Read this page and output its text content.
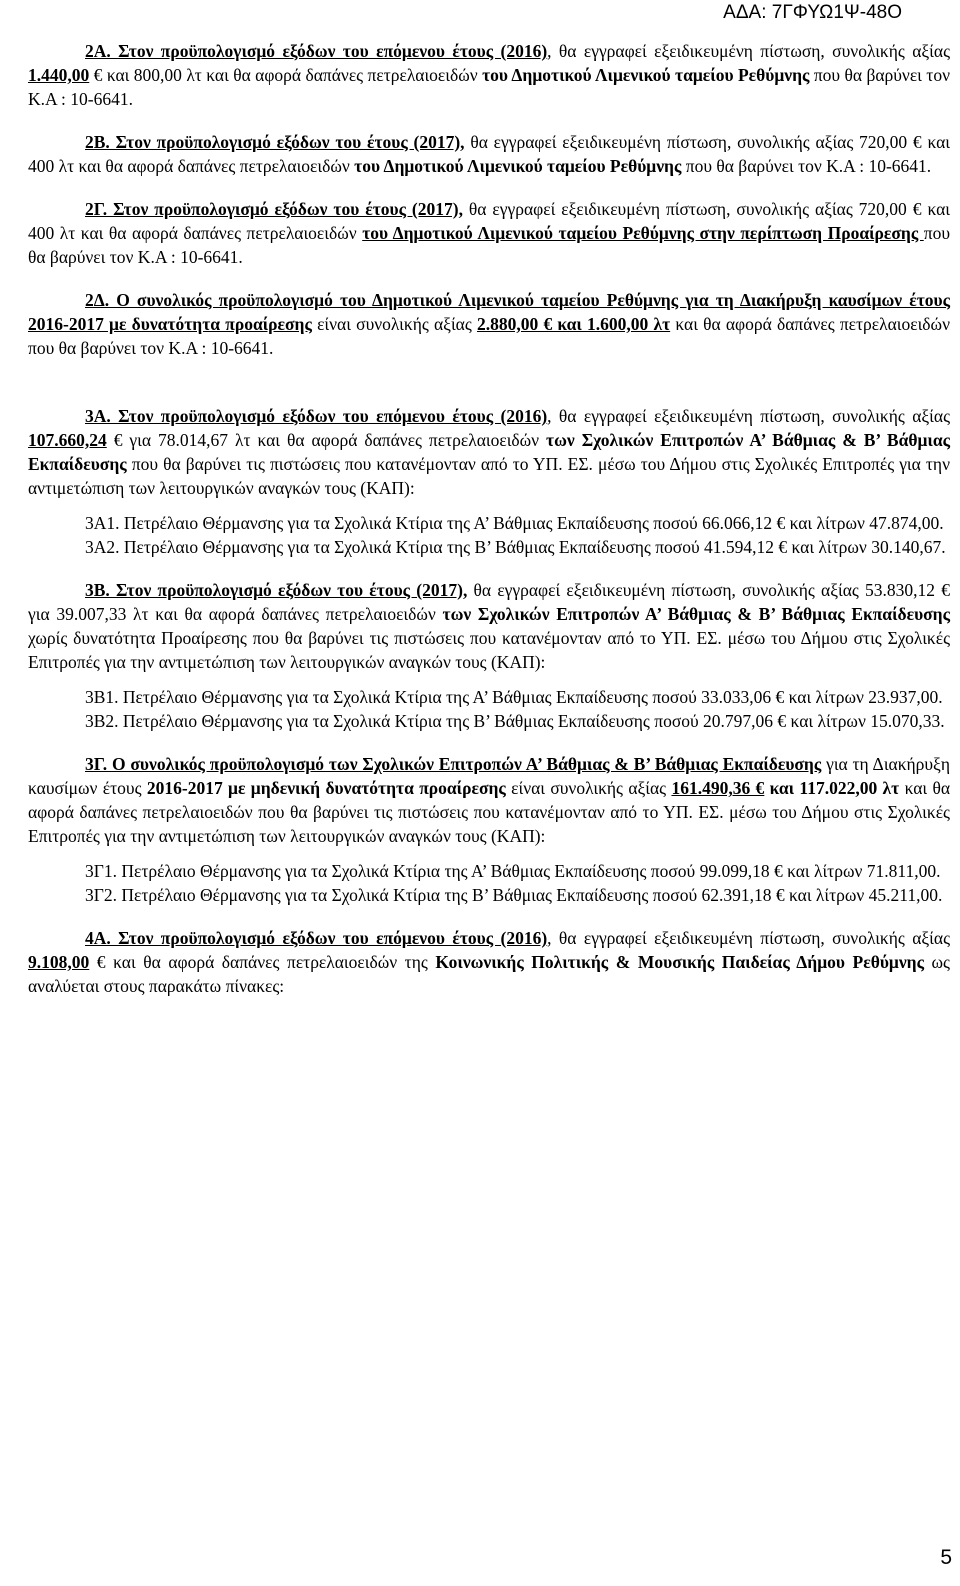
ΑΔΑ: 7ΓΦΥΩ1Ψ-48Ο

2Α. Στον προϋπολογισμό εξόδων του επόμενου έτους (2016), θα εγγραφεί εξειδικευμένη πίστωση, συνολικής αξίας 1.440,00 € και 800,00 λτ και θα αφορά δαπάνες πετρελαιοειδών του Δημοτικού Λιμενικού ταμείου Ρεθύμνης που θα βαρύνει τον Κ.Α : 10-6641.

2Β. Στον προϋπολογισμό εξόδων του έτους (2017), θα εγγραφεί εξειδικευμένη πίστωση, συνολικής αξίας 720,00 € και 400 λτ και θα αφορά δαπάνες πετρελαιοειδών του Δημοτικού Λιμενικού ταμείου Ρεθύμνης που θα βαρύνει τον Κ.Α : 10-6641.

2Γ. Στον προϋπολογισμό εξόδων του έτους (2017), θα εγγραφεί εξειδικευμένη πίστωση, συνολικής αξίας 720,00 € και 400 λτ και θα αφορά δαπάνες πετρελαιοειδών του Δημοτικού Λιμενικού ταμείου Ρεθύμνης στην περίπτωση Προαίρεσης που θα βαρύνει τον Κ.Α : 10-6641.

2Δ. Ο συνολικός προϋπολογισμό του Δημοτικού Λιμενικού ταμείου Ρεθύμνης για τη Διακήρυξη καυσίμων έτους 2016-2017 με δυνατότητα προαίρεσης είναι συνολικής αξίας 2.880,00 € και 1.600,00 λτ και θα αφορά δαπάνες πετρελαιοειδών που θα βαρύνει τον Κ.Α : 10-6641.

3Α. Στον προϋπολογισμό εξόδων του επόμενου έτους (2016), θα εγγραφεί εξειδικευμένη πίστωση, συνολικής αξίας 107.660,24 € για 78.014,67 λτ και θα αφορά δαπάνες πετρελαιοειδών των Σχολικών Επιτροπών Α’ Βάθμιας & Β’ Βάθμιας Εκπαίδευσης που θα βαρύνει τις πιστώσεις που κατανέμονταν από το ΥΠ. ΕΣ. μέσω του Δήμου στις Σχολικές Επιτροπές για την αντιμετώπιση των λειτουργικών αναγκών τους (ΚΑΠ):

3Α1. Πετρέλαιο Θέρμανσης για τα Σχολικά Κτίρια της Α’ Βάθμιας Εκπαίδευσης ποσού 66.066,12 € και λίτρων 47.874,00.

3Α2. Πετρέλαιο Θέρμανσης για τα Σχολικά Κτίρια της Β’ Βάθμιας Εκπαίδευσης ποσού 41.594,12 € και λίτρων 30.140,67.

3Β. Στον προϋπολογισμό εξόδων του έτους (2017), θα εγγραφεί εξειδικευμένη πίστωση, συνολικής αξίας 53.830,12 € για 39.007,33 λτ και θα αφορά δαπάνες πετρελαιοειδών των Σχολικών Επιτροπών Α’ Βάθμιας & Β’ Βάθμιας Εκπαίδευσης χωρίς δυνατότητα Προαίρεσης που θα βαρύνει τις πιστώσεις που κατανέμονταν από το ΥΠ. ΕΣ. μέσω του Δήμου στις Σχολικές Επιτροπές για την αντιμετώπιση των λειτουργικών αναγκών τους (ΚΑΠ):

3Β1. Πετρέλαιο Θέρμανσης για τα Σχολικά Κτίρια της Α’ Βάθμιας Εκπαίδευσης ποσού 33.033,06 € και λίτρων 23.937,00.

3Β2. Πετρέλαιο Θέρμανσης για τα Σχολικά Κτίρια της Β’ Βάθμιας Εκπαίδευσης ποσού 20.797,06 € και λίτρων 15.070,33.

3Γ. Ο συνολικός προϋπολογισμό των Σχολικών Επιτροπών Α’ Βάθμιας & Β’ Βάθμιας Εκπαίδευσης για τη Διακήρυξη καυσίμων έτους 2016-2017 με μηδενική δυνατότητα προαίρεσης είναι συνολικής αξίας 161.490,36 € και 117.022,00 λτ και θα αφορά δαπάνες πετρελαιοειδών που θα βαρύνει τις πιστώσεις που κατανέμονταν από το ΥΠ. ΕΣ. μέσω του Δήμου στις Σχολικές Επιτροπές για την αντιμετώπιση των λειτουργικών αναγκών τους (ΚΑΠ):

3Γ1. Πετρέλαιο Θέρμανσης για τα Σχολικά Κτίρια της Α’ Βάθμιας Εκπαίδευσης ποσού 99.099,18 € και λίτρων 71.811,00.

3Γ2. Πετρέλαιο Θέρμανσης για τα Σχολικά Κτίρια της Β’ Βάθμιας Εκπαίδευσης ποσού 62.391,18 € και λίτρων 45.211,00.

4Α. Στον προϋπολογισμό εξόδων του επόμενου έτους (2016), θα εγγραφεί εξειδικευμένη πίστωση, συνολικής αξίας 9.108,00 € και θα αφορά δαπάνες πετρελαιοειδών της Κοινωνικής Πολιτικής & Μουσικής Παιδείας Δήμου Ρεθύμνης ως αναλύεται στους παρακάτω πίνακες:

5
